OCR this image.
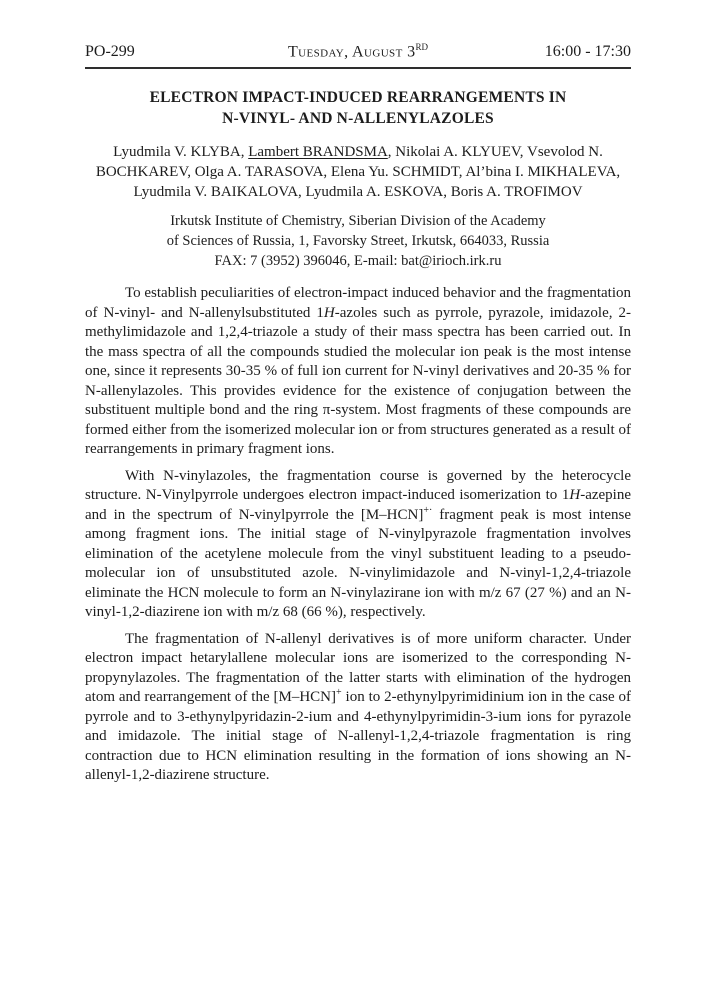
PO-299	Tuesday, August 3RD	16:00 - 17:30
ELECTRON IMPACT-INDUCED REARRANGEMENTS IN
N-VINYL- AND N-ALLENYLAZOLES
Lyudmila V. KLYBA, Lambert BRANDSMA, Nikolai A. KLYUEV, Vsevolod N.
BOCHKAREV, Olga A. TARASOVA, Elena Yu. SCHMIDT, Al’bina I. MIKHALEVA,
Lyudmila V. BAIKALOVA, Lyudmila A. ESKOVA, Boris A. TROFIMOV
Irkutsk Institute of Chemistry, Siberian Division of the Academy
of Sciences of Russia, 1, Favorsky Street, Irkutsk, 664033, Russia
FAX: 7 (3952) 396046, E-mail: bat@irioch.irk.ru

To establish peculiarities of electron-impact induced behavior and the fragmentation of N-vinyl- and N-allenylsubstituted 1H-azoles such as pyrrole, pyrazole, imidazole, 2-methylimidazole and 1,2,4-triazole a study of their mass spectra has been carried out. In the mass spectra of all the compounds studied the molecular ion peak is the most intense one, since it represents 30-35 % of full ion current for N-vinyl derivatives and 20-35 % for N-allenylazoles. This provides evidence for the existence of conjugation between the substituent multiple bond and the ring π-system. Most fragments of these compounds are formed either from the isomerized molecular ion or from structures generated as a result of rearrangements in primary fragment ions.

With N-vinylazoles, the fragmentation course is governed by the heterocycle structure. N-Vinylpyrrole undergoes electron impact-induced isomerization to 1H-azepine and in the spectrum of N-vinylpyrrole the [M–HCN]+· fragment peak is most intense among fragment ions. The initial stage of N-vinylpyrazole fragmentation involves elimination of the acetylene molecule from the vinyl substituent leading to a pseudo-molecular ion of unsubstituted azole. N-vinylimidazole and N-vinyl-1,2,4-triazole eliminate the HCN molecule to form an N-vinylazirane ion with m/z 67 (27 %) and an N-vinyl-1,2-diazirene ion with m/z 68 (66 %), respectively.

The fragmentation of N-allenyl derivatives is of more uniform character. Under electron impact hetarylallene molecular ions are isomerized to the corresponding N-propynylazoles. The fragmentation of the latter starts with elimination of the hydrogen atom and rearrangement of the [M–HCN]+ ion to 2-ethynylpyrimidinium ion in the case of pyrrole and to 3-ethynylpyridazin-2-ium and 4-ethynylpyrimidin-3-ium ions for pyrazole and imidazole. The initial stage of N-allenyl-1,2,4-triazole fragmentation is ring contraction due to HCN elimination resulting in the formation of ions showing an N-allenyl-1,2-diazirene structure.
